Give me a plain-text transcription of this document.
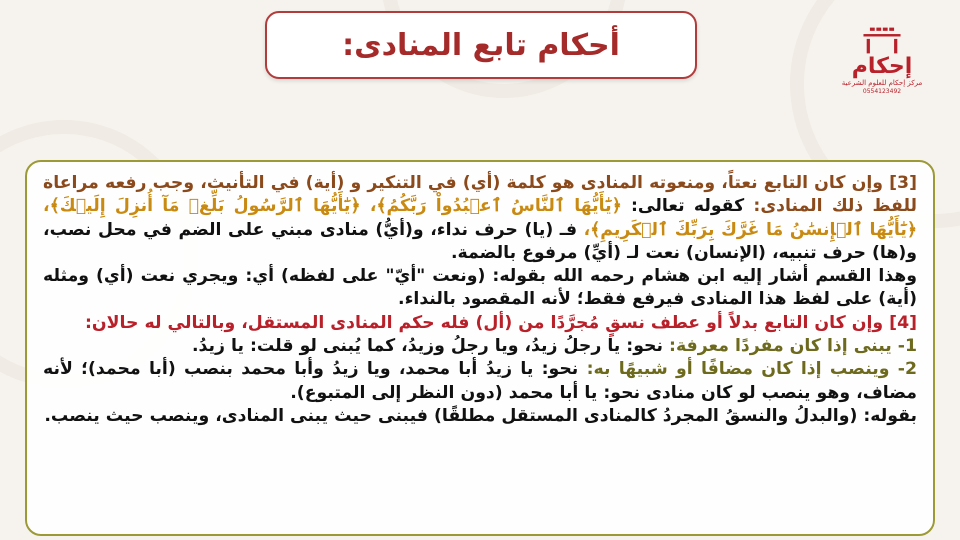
أحكام تابع المنادى:
إحكام
مركز إحكام للعلوم الشرعية
0554123492

[3] وإن كان التابع نعتاً، ومنعوته المنادى هو كلمة (أي) في التنكير و (أية) في التأنيث، وجب رفعه مراعاة للفظ ذلك المنادى: كقوله تعالى: ﴿يَٰٓأَيُّهَا ٱلنَّاسُ ٱعۡبُدُواْ رَبَّكُمُ﴾، ﴿يَٰٓأَيُّهَا ٱلرَّسُولُ بَلِّغۡ مَآ أُنزِلَ إِلَيۡكَ﴾، ﴿يَٰٓأَيُّهَا ٱلۡإِنسَٰنُ مَا غَرَّكَ بِرَبِّكَ ٱلۡكَرِيمِ﴾، فـ (يا) حرف نداء، و(أيُّ) منادى مبني على الضم في محل نصب، و(ها) حرف تنبيه، (الإنسان) نعت لـ (أيِّ) مرفوع بالضمة.

وهذا القسم أشار إليه ابن هشام رحمه الله بقوله: (ونعت "أيّ" على لفظه) أي: ويجري نعت (أي) ومثله (أية) على لفظ هذا المنادى فيرفع فقط؛ لأنه المقصود بالنداء.

[4] وإن كان التابع بدلاً أو عطف نسقٍ مُجرَّدًا من (أل) فله حكم المنادى المستقل، وبالتالي له حالان:

1- يبنى إذا كان مفردًا معرفة: نحو: يا رجلُ زيدُ، ويا رجلُ وزيدُ، كما يُبنى لو قلت: يا زيدُ.

2- وينصب إذا كان مضافًا أو شبيهًا به: نحو: يا زيدُ أبا محمد، ويا زيدُ وأبا محمد بنصب (أبا محمد)؛ لأنه مضاف، وهو ينصب لو كان منادى نحو: يا أبا محمد (دون النظر إلى المتبوع).

بقوله: (والبدلُ والنسقُ المجردُ كالمنادى المستقل مطلقًا) فيبنى حيث يبنى المنادى، وينصب حيث ينصب.
